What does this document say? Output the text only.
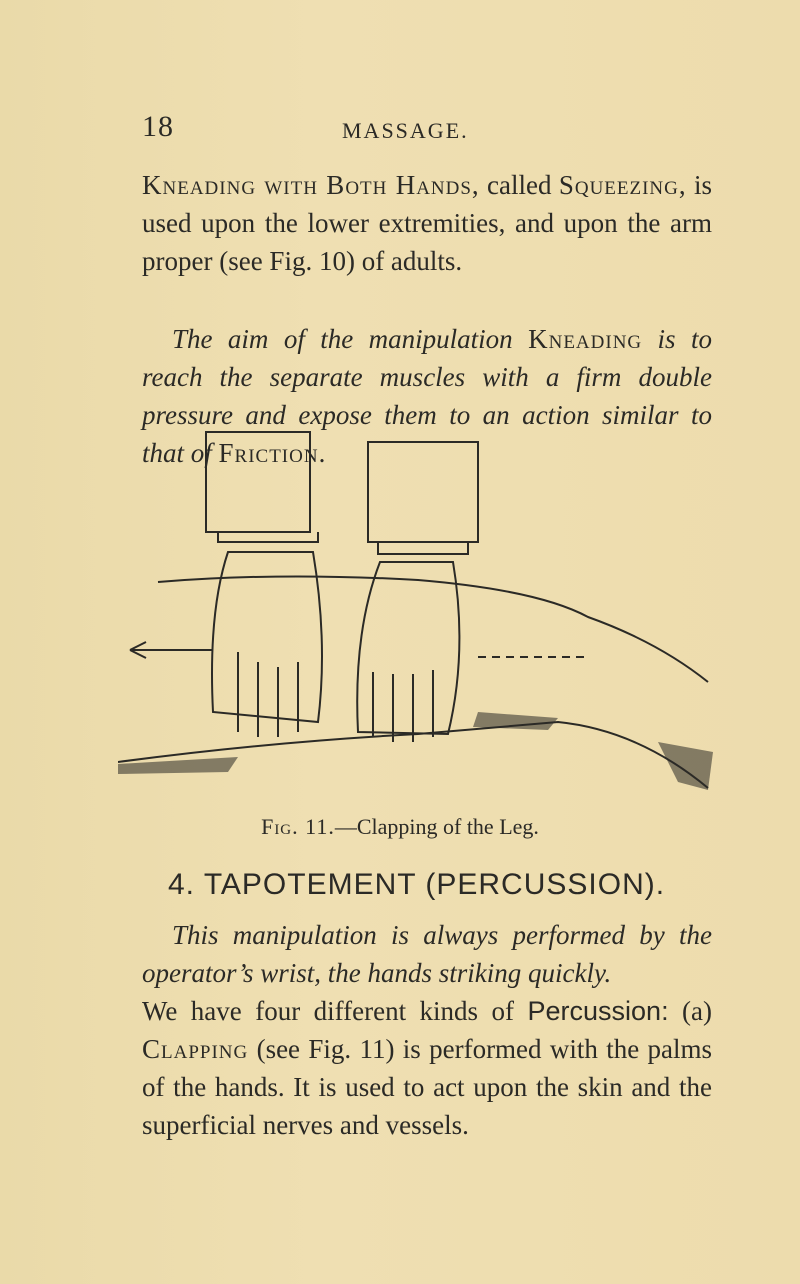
18	MASSAGE.
Kneading with Both Hands, called Squeezing, is used upon the lower extremities, and upon the arm proper (see Fig. 10) of adults.
The aim of the manipulation Kneading is to reach the separate muscles with a firm double pressure and expose them to an action similar to that of Friction.
Fig. 11.—Clapping of the Leg.
4. TAPOTEMENT (PERCUSSION).
This manipulation is always performed by the operator’s wrist, the hands striking quickly.
We have four different kinds of Percussion: (a) Clapping (see Fig. 11) is performed with the palms of the hands. It is used to act upon the skin and the superficial nerves and vessels.
